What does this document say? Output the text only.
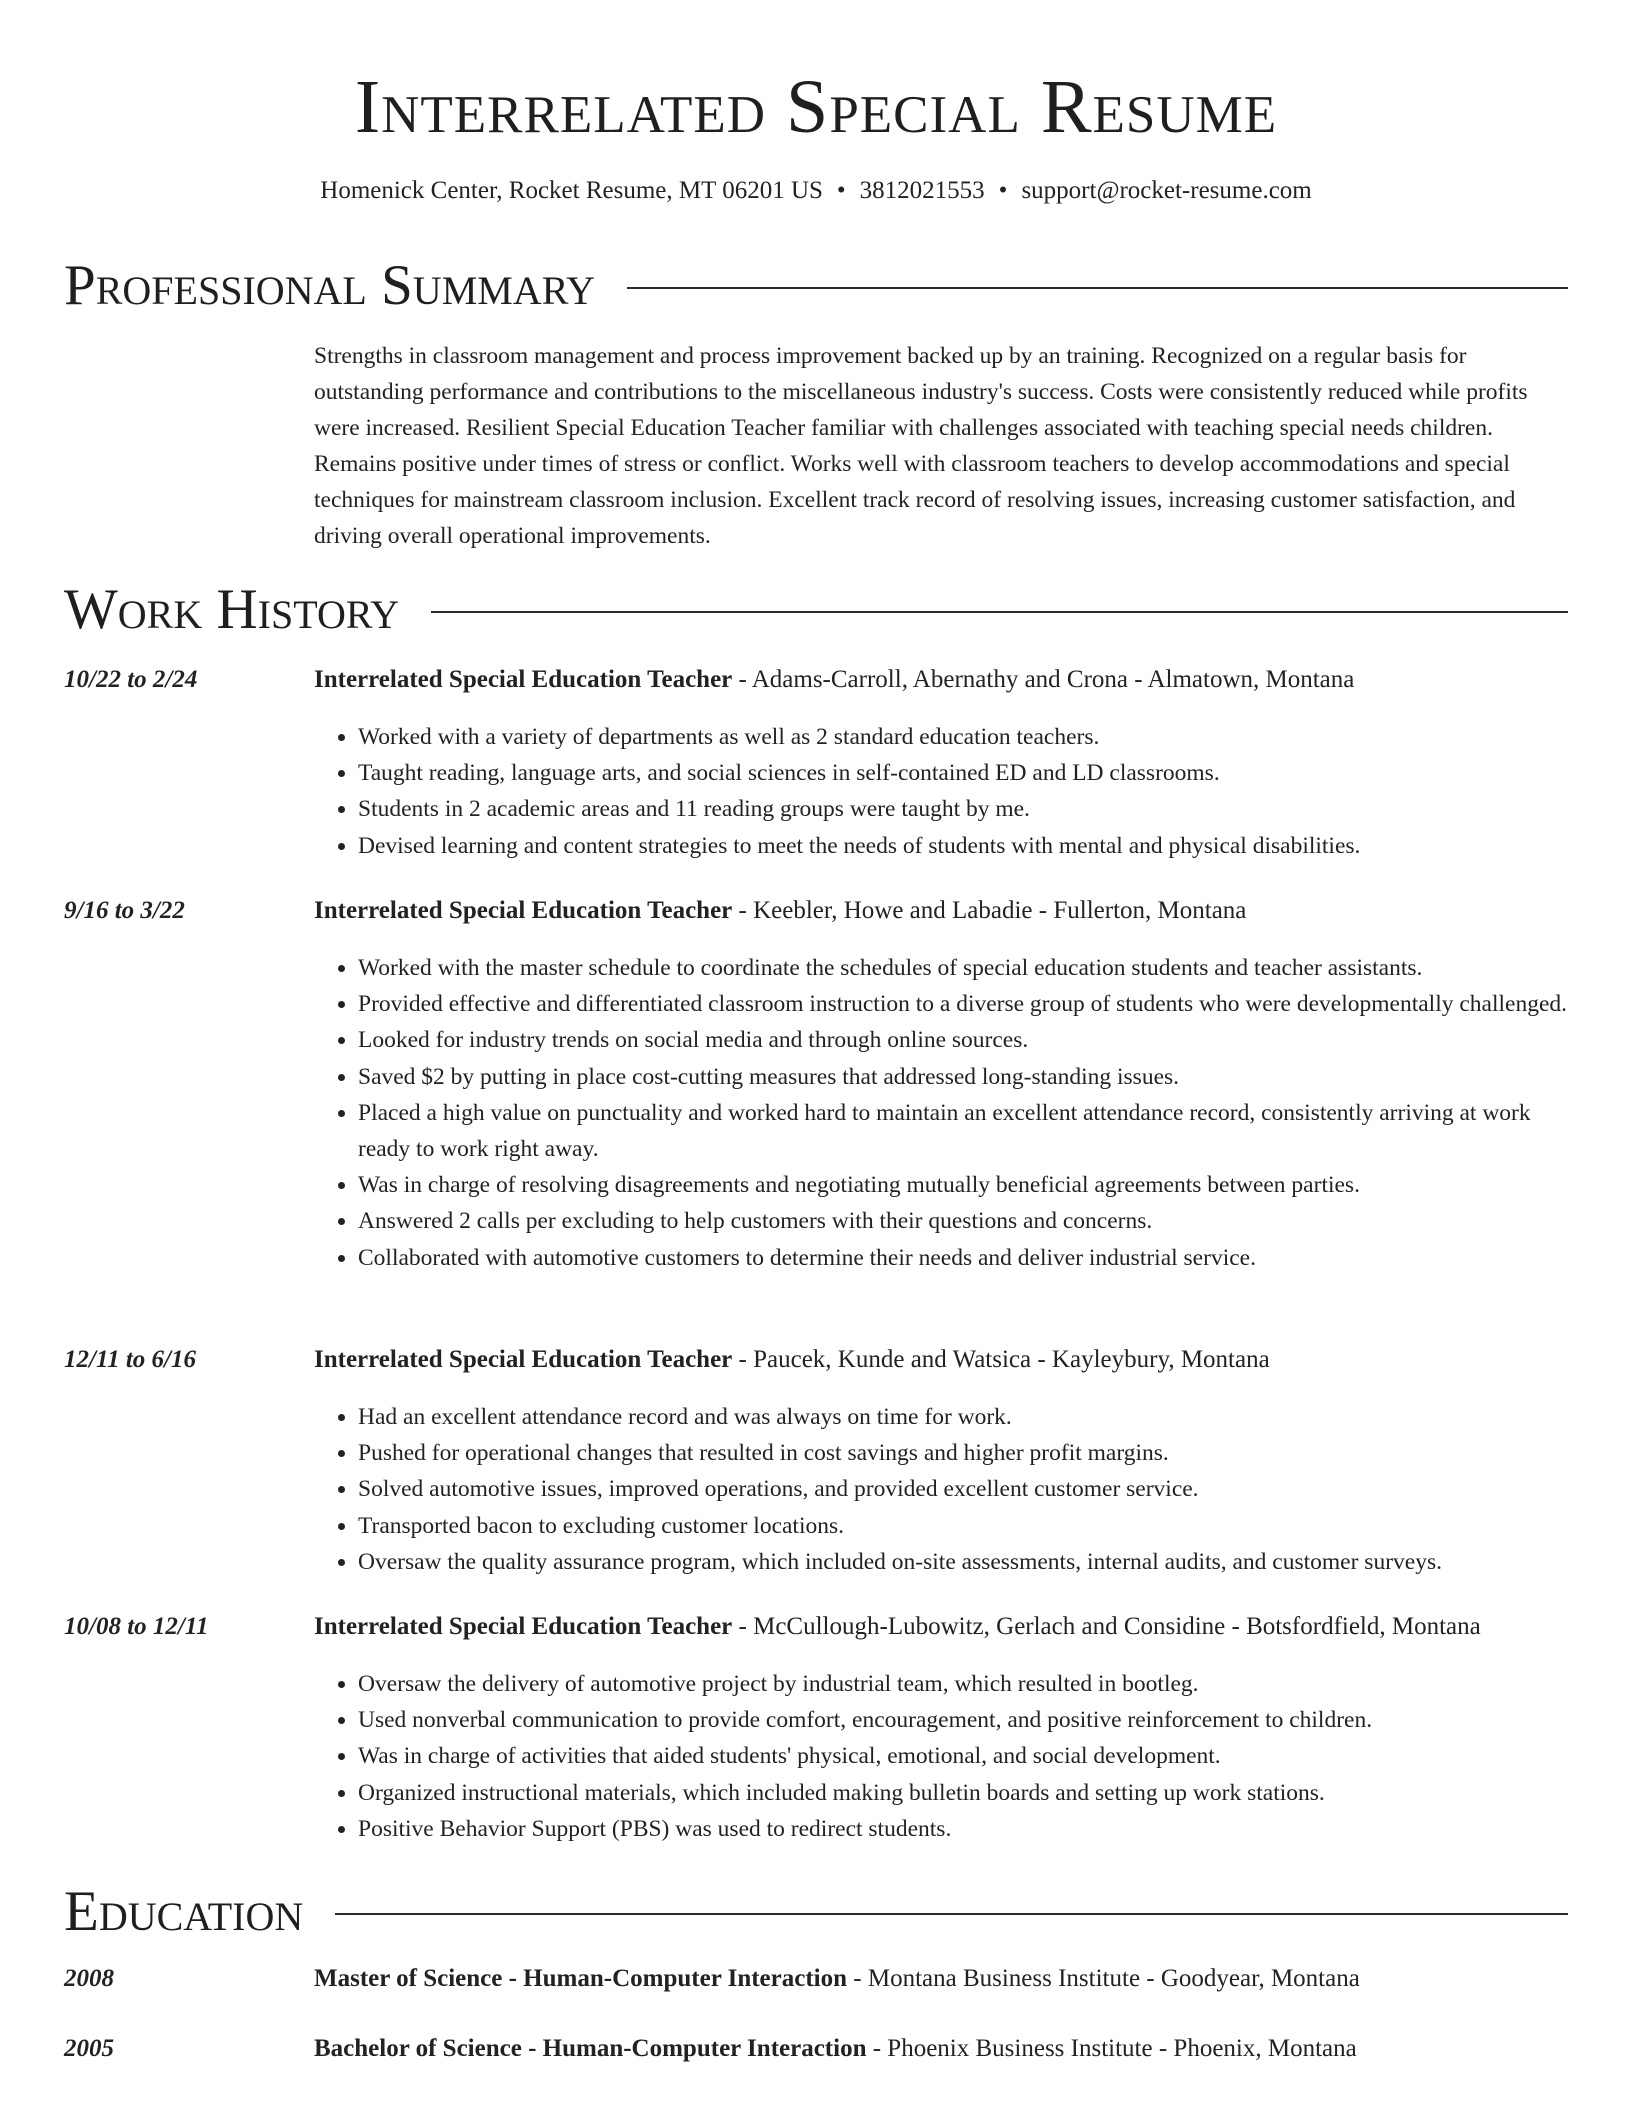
Interrelated Special Resume
Homenick Center, Rocket Resume, MT 06201 US • 3812021553 • support@rocket-resume.com
Professional Summary

Strengths in classroom management and process improvement backed up by an training. Recognized on a regular basis for outstanding performance and contributions to the miscellaneous industry's success. Costs were consistently reduced while profits were increased. Resilient Special Education Teacher familiar with challenges associated with teaching special needs children. Remains positive under times of stress or conflict. Works well with classroom teachers to develop accommodations and special techniques for mainstream classroom inclusion. Excellent track record of resolving issues, increasing customer satisfaction, and driving overall operational improvements.

Work History
10/22 to 2/24	Interrelated Special Education Teacher - Adams-Carroll, Abernathy and Crona - Almatown, Montana
• Worked with a variety of departments as well as 2 standard education teachers.
• Taught reading, language arts, and social sciences in self-contained ED and LD classrooms.
• Students in 2 academic areas and 11 reading groups were taught by me.
• Devised learning and content strategies to meet the needs of students with mental and physical disabilities.
9/16 to 3/22	Interrelated Special Education Teacher - Keebler, Howe and Labadie - Fullerton, Montana
• Worked with the master schedule to coordinate the schedules of special education students and teacher assistants.
• Provided effective and differentiated classroom instruction to a diverse group of students who were developmentally challenged.
• Looked for industry trends on social media and through online sources.
• Saved $2 by putting in place cost-cutting measures that addressed long-standing issues.
• Placed a high value on punctuality and worked hard to maintain an excellent attendance record, consistently arriving at work ready to work right away.
• Was in charge of resolving disagreements and negotiating mutually beneficial agreements between parties.
• Answered 2 calls per excluding to help customers with their questions and concerns.
• Collaborated with automotive customers to determine their needs and deliver industrial service.
12/11 to 6/16	Interrelated Special Education Teacher - Paucek, Kunde and Watsica - Kayleybury, Montana
• Had an excellent attendance record and was always on time for work.
• Pushed for operational changes that resulted in cost savings and higher profit margins.
• Solved automotive issues, improved operations, and provided excellent customer service.
• Transported bacon to excluding customer locations.
• Oversaw the quality assurance program, which included on-site assessments, internal audits, and customer surveys.
10/08 to 12/11	Interrelated Special Education Teacher - McCullough-Lubowitz, Gerlach and Considine - Botsfordfield, Montana
• Oversaw the delivery of automotive project by industrial team, which resulted in bootleg.
• Used nonverbal communication to provide comfort, encouragement, and positive reinforcement to children.
• Was in charge of activities that aided students' physical, emotional, and social development.
• Organized instructional materials, which included making bulletin boards and setting up work stations.
• Positive Behavior Support (PBS) was used to redirect students.
Education
2008	Master of Science - Human-Computer Interaction - Montana Business Institute - Goodyear, Montana
2005	Bachelor of Science - Human-Computer Interaction - Phoenix Business Institute - Phoenix, Montana
